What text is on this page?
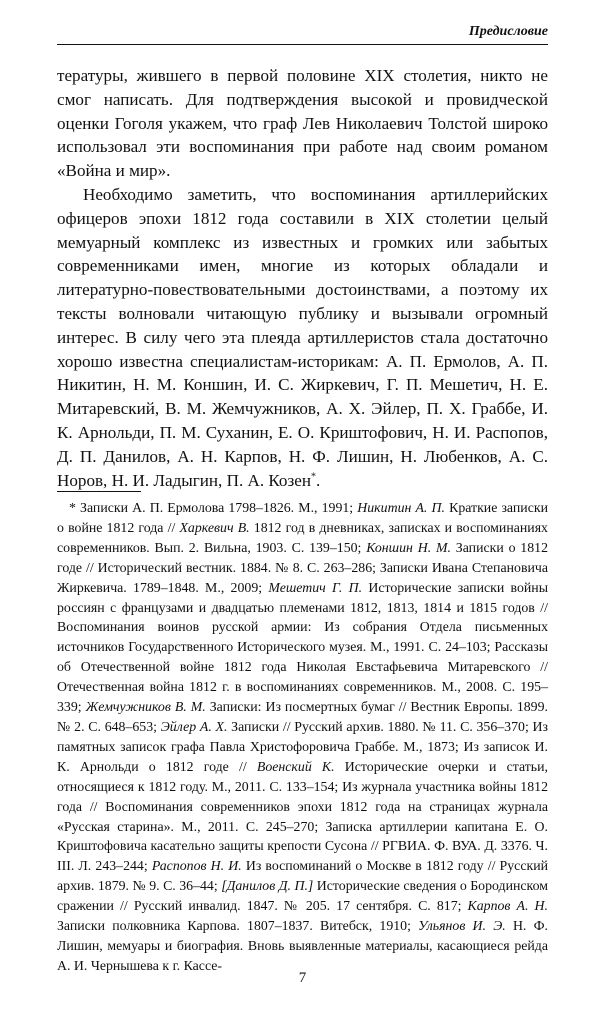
Предисловие

тературы, жившего в первой половине XIX столетия, никто не смог написать. Для подтверждения высокой и провидческой оценки Гоголя укажем, что граф Лев Николаевич Толстой широко использовал эти воспоминания при работе над своим романом «Война и мир».

Необходимо заметить, что воспоминания артиллерийских офицеров эпохи 1812 года составили в XIX столетии целый мемуарный комплекс из известных и громких или забытых современниками имен, многие из которых обладали и литературно-повествовательными достоинствами, а поэтому их тексты волновали читающую публику и вызывали огромный интерес. В силу чего эта плеяда артиллеристов стала достаточно хорошо известна специалистам-историкам: А. П. Ермолов, А. П. Никитин, Н. М. Коншин, И. С. Жиркевич, Г. П. Мешетич, Н. Е. Митаревский, В. М. Жемчужников, А. Х. Эйлер, П. Х. Граббе, И. К. Арнольди, П. М. Суханин, Е. О. Криштофович, Н. И. Распопов, Д. П. Данилов, А. Н. Карпов, Н. Ф. Лишин, Н. Любенков, А. С. Норов, Н. И. Ладыгин, П. А. Козен*.

* Записки А. П. Ермолова 1798–1826. М., 1991; Никитин А. П. Краткие записки о войне 1812 года // Харкевич В. 1812 год в дневниках, записках и воспоминаниях современников. Вып. 2. Вильна, 1903. С. 139–150; Коншин Н. М. Записки о 1812 годе // Исторический вестник. 1884. № 8. С. 263–286; Записки Ивана Степановича Жиркевича. 1789–1848. М., 2009; Мешетич Г. П. Исторические записки войны россиян с французами и двадцатью племенами 1812, 1813, 1814 и 1815 годов // Воспоминания воинов русской армии: Из собрания Отдела письменных источников Государственного Исторического музея. М., 1991. С. 24–103; Рассказы об Отечественной войне 1812 года Николая Евстафьевича Митаревского // Отечественная война 1812 г. в воспоминаниях современников. М., 2008. С. 195–339; Жемчужников В. М. Записки: Из посмертных бумаг // Вестник Европы. 1899. № 2. С. 648–653; Эйлер А. Х. Записки // Русский архив. 1880. № 11. С. 356–370; Из памятных записок графа Павла Христофоровича Граббе. М., 1873; Из записок И. К. Арнольди о 1812 годе // Военский К. Исторические очерки и статьи, относящиеся к 1812 году. М., 2011. С. 133–154; Из журнала участника войны 1812 года // Воспоминания современников эпохи 1812 года на страницах журнала «Русская старина». М., 2011. С. 245–270; Записка артиллерии капитана Е. О. Криштофовича касательно защиты крепости Сусона // РГВИА. Ф. ВУА. Д. 3376. Ч. III. Л. 243–244; Распопов Н. И. Из воспоминаний о Москве в 1812 году // Русский архив. 1879. № 9. С. 36–44; [Данилов Д. П.] Исторические сведения о Бородинском сражении // Русский инвалид. 1847. № 205. 17 сентября. С. 817; Карпов А. Н. Записки полковника Карпова. 1807–1837. Витебск, 1910; Ульянов И. Э. Н. Ф. Лишин, мемуары и биография. Вновь выявленные материалы, касающиеся рейда А. И. Чернышева к г. Кассе-

7
